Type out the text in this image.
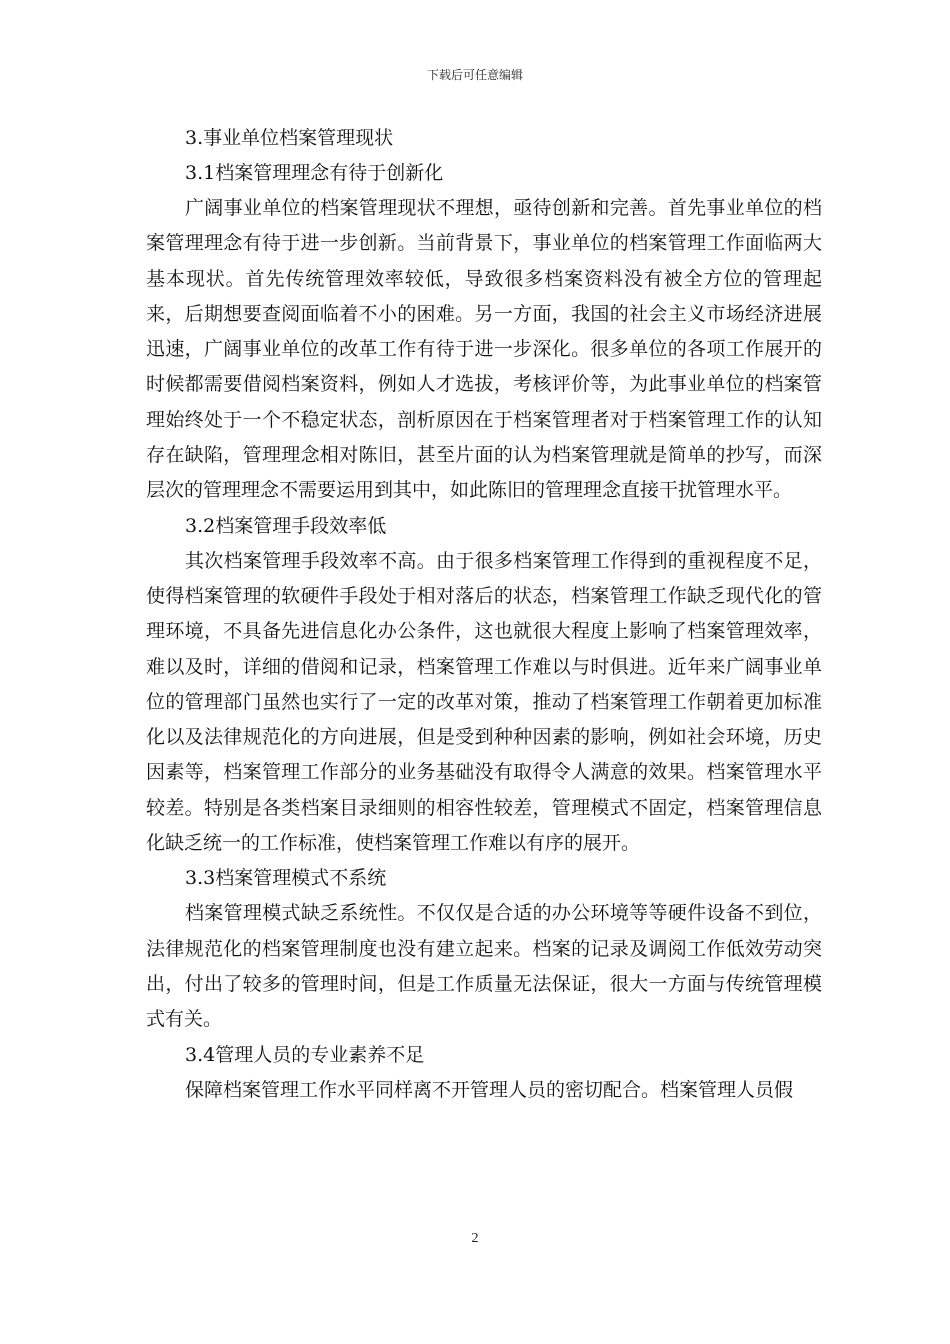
下载后可任意编辑
3.事业单位档案管理现状
3.1档案管理理念有待于创新化

广阔事业单位的档案管理现状不理想，亟待创新和完善。首先事业单位的档案管理理念有待于进一步创新。当前背景下，事业单位的档案管理工作面临两大基本现状。首先传统管理效率较低，导致很多档案资料没有被全方位的管理起来，后期想要查阅面临着不小的困难。另一方面，我国的社会主义市场经济进展迅速，广阔事业单位的改革工作有待于进一步深化。很多单位的各项工作展开的时候都需要借阅档案资料，例如人才选拔，考核评价等，为此事业单位的档案管理始终处于一个不稳定状态，剖析原因在于档案管理者对于档案管理工作的认知存在缺陷，管理理念相对陈旧，甚至片面的认为档案管理就是简单的抄写，而深层次的管理理念不需要运用到其中，如此陈旧的管理理念直接干扰管理水平。

3.2档案管理手段效率低

其次档案管理手段效率不高。由于很多档案管理工作得到的重视程度不足，使得档案管理的软硬件手段处于相对落后的状态，档案管理工作缺乏现代化的管理环境，不具备先进信息化办公条件，这也就很大程度上影响了档案管理效率，难以及时，详细的借阅和记录，档案管理工作难以与时俱进。近年来广阔事业单位的管理部门虽然也实行了一定的改革对策，推动了档案管理工作朝着更加标准化以及法律规范化的方向进展，但是受到种种因素的影响，例如社会环境，历史因素等，档案管理工作部分的业务基础没有取得令人满意的效果。档案管理水平较差。特别是各类档案目录细则的相容性较差，管理模式不固定，档案管理信息化缺乏统一的工作标准，使档案管理工作难以有序的展开。

3.3档案管理模式不系统

档案管理模式缺乏系统性。不仅仅是合适的办公环境等等硬件设备不到位，法律规范化的档案管理制度也没有建立起来。档案的记录及调阅工作低效劳动突出，付出了较多的管理时间，但是工作质量无法保证，很大一方面与传统管理模式有关。

3.4管理人员的专业素养不足

保障档案管理工作水平同样离不开管理人员的密切配合。档案管理人员假

2
